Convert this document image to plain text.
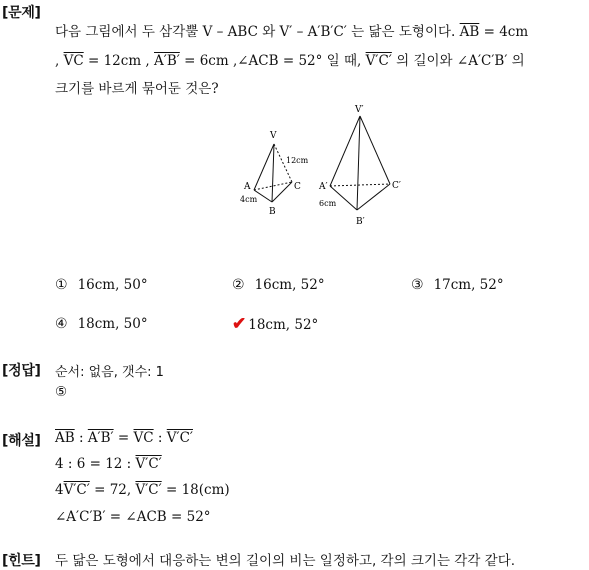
[문제]
다음 그림에서 두 삼각뿔 V – ABC 와 V′ – A′B′C′ 는 닮은 도형이다. $\overline{AB} = 4cm$
, $\overline{VC} = 12cm$ , A′B′ = 6cm ,∠ACB = 52° 일 때, V′C′ 의 길이와 ∠A′C′B′ 의
크기를 바르게 묶어둔 것은?
V
A
B
C
12cm
4cm
V′
A′
B′
C′
6cm
① 16cm, 50°	② 16cm, 52°	③ 17cm, 52°
④ 18cm, 50°	✔ 18cm, 52°
[정답] 순서: 없음, 갯수: 1
⑤
[해설] $\overline{AB}$ : $A'B' = \overline{VC}$ : V′C′
4 : 6 = 12 : V′C′
4V′C′ = 72, V′C′ = 18(cm)
∠A′C′B′ = ∠ACB = 52°
[힌트] 두 닮은 도형에서 대응하는 변의 길이의 비는 일정하고, 각의 크기는 각각 같다.
